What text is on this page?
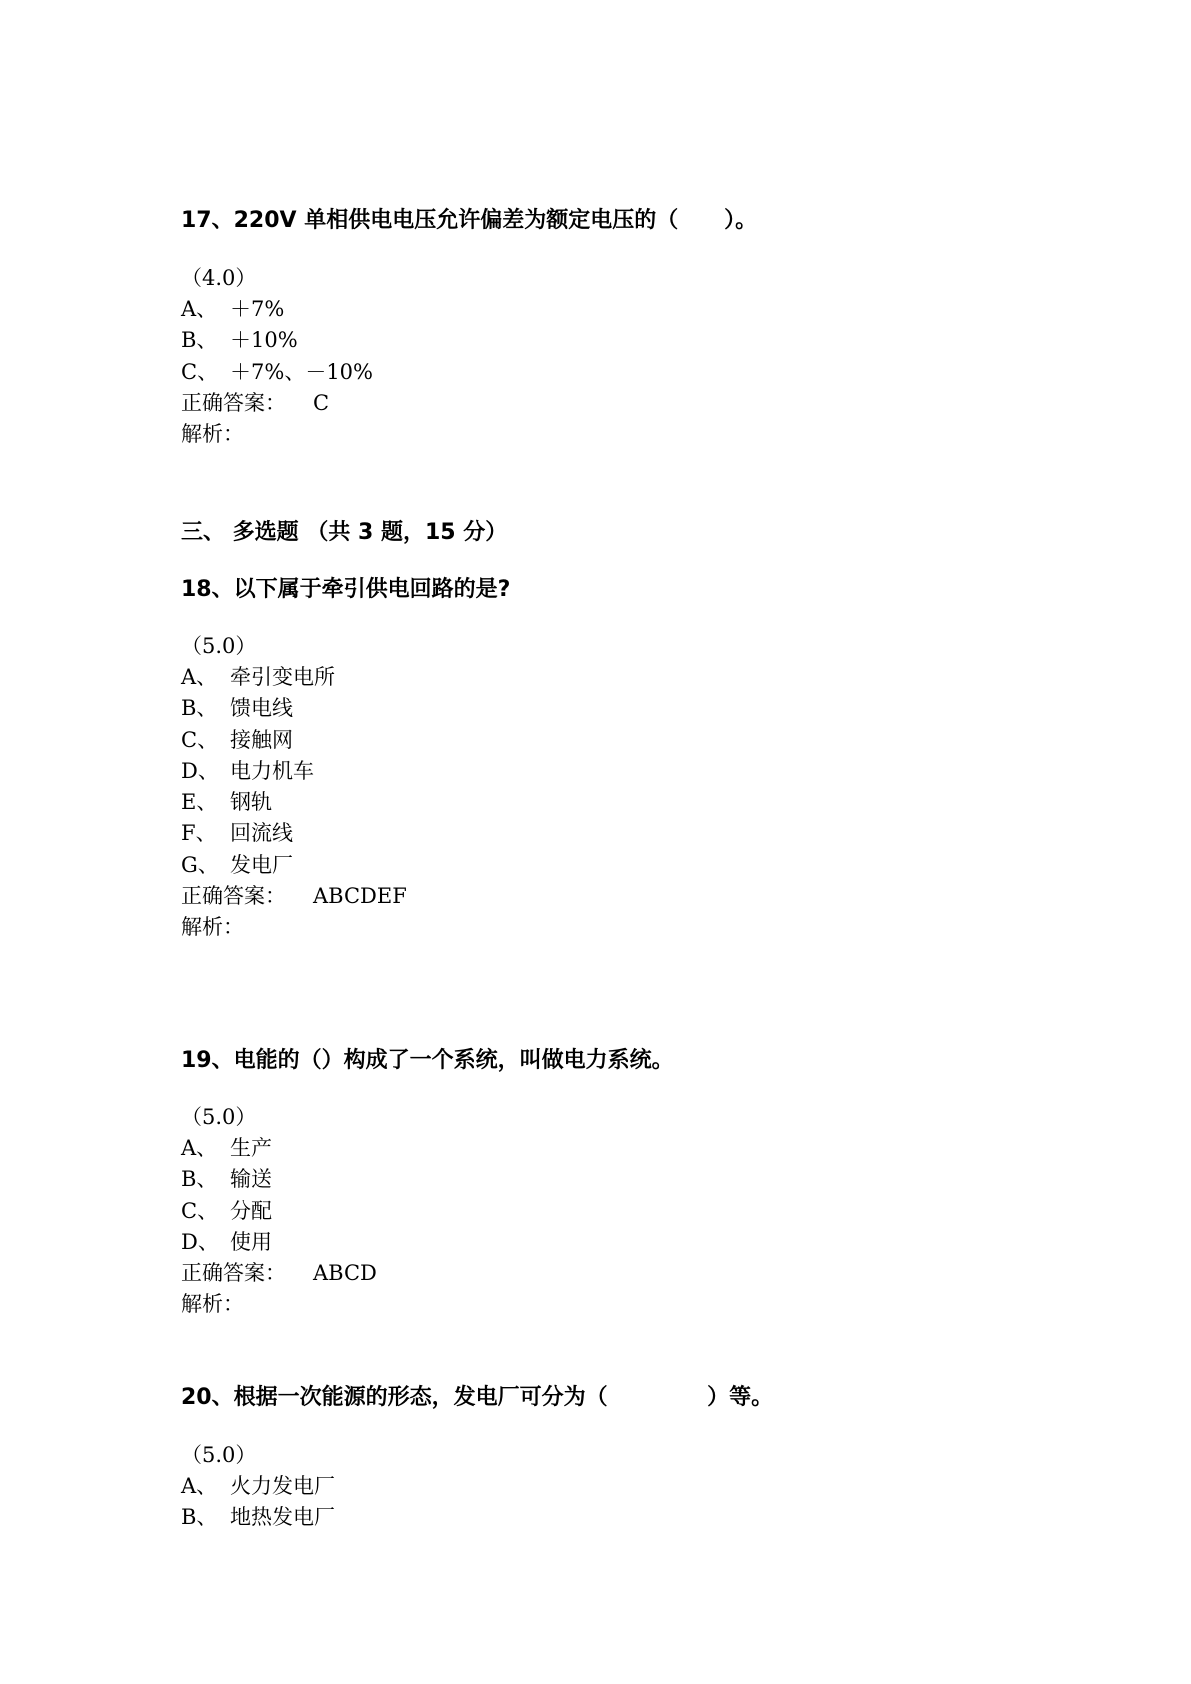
17、220V 单相供电电压允许偏差为额定电压的（      ）。
（4.0）
A、 ＋7%
B、 ＋10%
C、 ＋7%、－10%
正确答案： C
解析：
三、 多选题 （共 3 题，15 分）
18、以下属于牵引供电回路的是?
（5.0）
A、 牵引变电所
B、 馈电线
C、 接触网
D、 电力机车
E、 钢轨
F、 回流线
G、 发电厂
正确答案： ABCDEF
解析：
19、电能的（）构成了一个系统，叫做电力系统。
（5.0）
A、 生产
B、 输送
C、 分配
D、 使用
正确答案： ABCD
解析：
20、根据一次能源的形态，发电厂可分为（             ）等。
（5.0）
A、 火力发电厂
B、 地热发电厂
